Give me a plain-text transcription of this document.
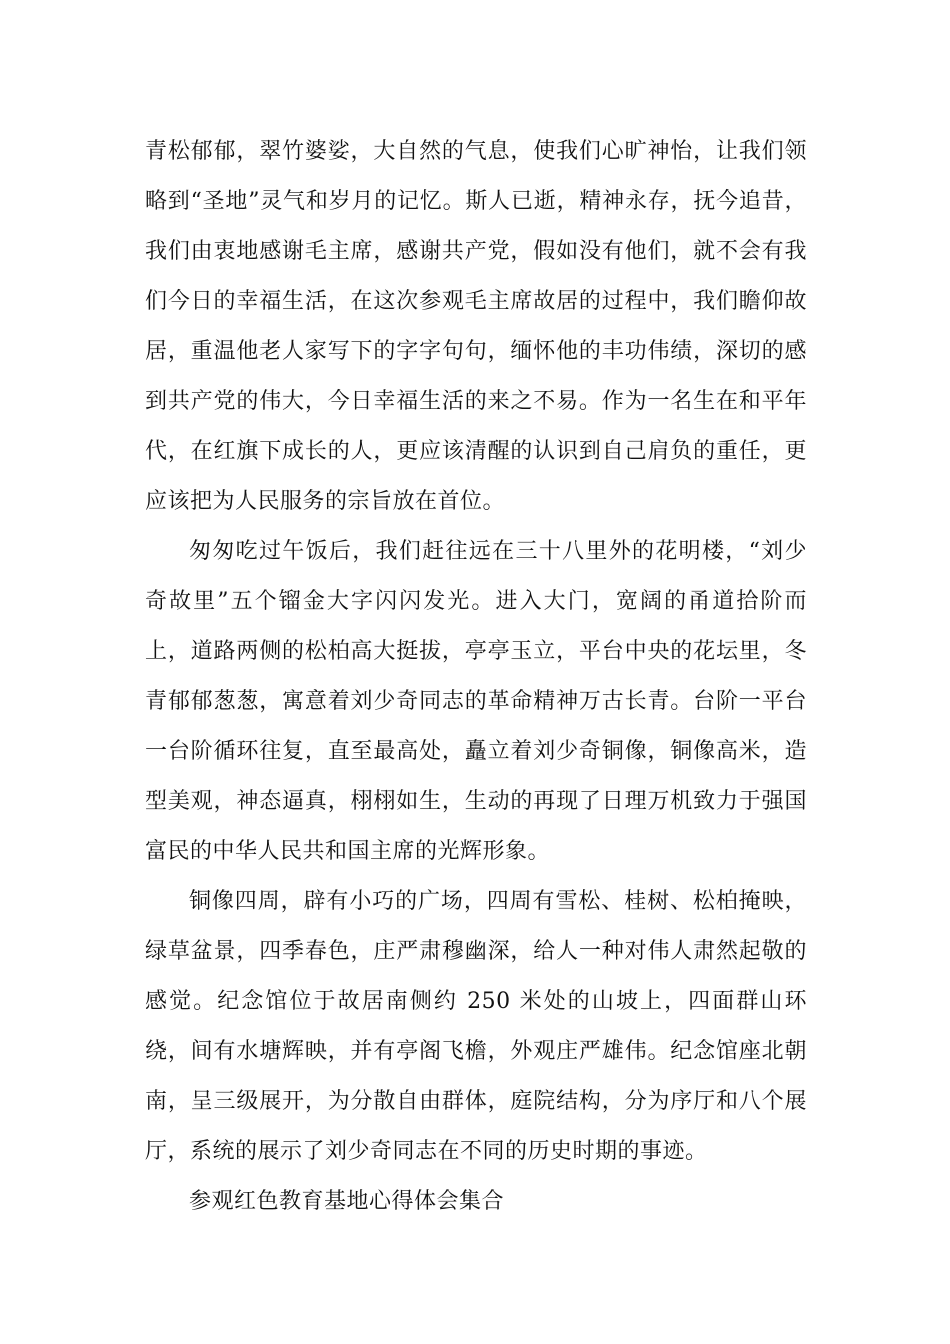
青松郁郁，翠竹婆娑，大自然的气息，使我们心旷神怡，让我们领略到“圣地”灵气和岁月的记忆。斯人已逝，精神永存，抚今追昔，我们由衷地感谢毛主席，感谢共产党，假如没有他们，就不会有我们今日的幸福生活，在这次参观毛主席故居的过程中，我们瞻仰故居，重温他老人家写下的字字句句，缅怀他的丰功伟绩，深切的感到共产党的伟大，今日幸福生活的来之不易。作为一名生在和平年代，在红旗下成长的人，更应该清醒的认识到自己肩负的重任，更应该把为人民服务的宗旨放在首位。

匆匆吃过午饭后，我们赶往远在三十八里外的花明楼，“刘少奇故里”五个镏金大字闪闪发光。进入大门，宽阔的甬道拾阶而上，道路两侧的松柏高大挺拔，亭亭玉立，平台中央的花坛里，冬青郁郁葱葱，寓意着刘少奇同志的革命精神万古长青。台阶一平台一台阶循环往复，直至最高处，矗立着刘少奇铜像，铜像高米，造型美观，神态逼真，栩栩如生，生动的再现了日理万机致力于强国富民的中华人民共和国主席的光辉形象。

铜像四周，辟有小巧的广场，四周有雪松、桂树、松柏掩映，绿草盆景，四季春色，庄严肃穆幽深，给人一种对伟人肃然起敬的感觉。纪念馆位于故居南侧约 250 米处的山坡上，四面群山环绕，间有水塘辉映，并有亭阁飞檐，外观庄严雄伟。纪念馆座北朝南，呈三级展开，为分散自由群体，庭院结构，分为序厅和八个展厅，系统的展示了刘少奇同志在不同的历史时期的事迹。

参观红色教育基地心得体会集合
